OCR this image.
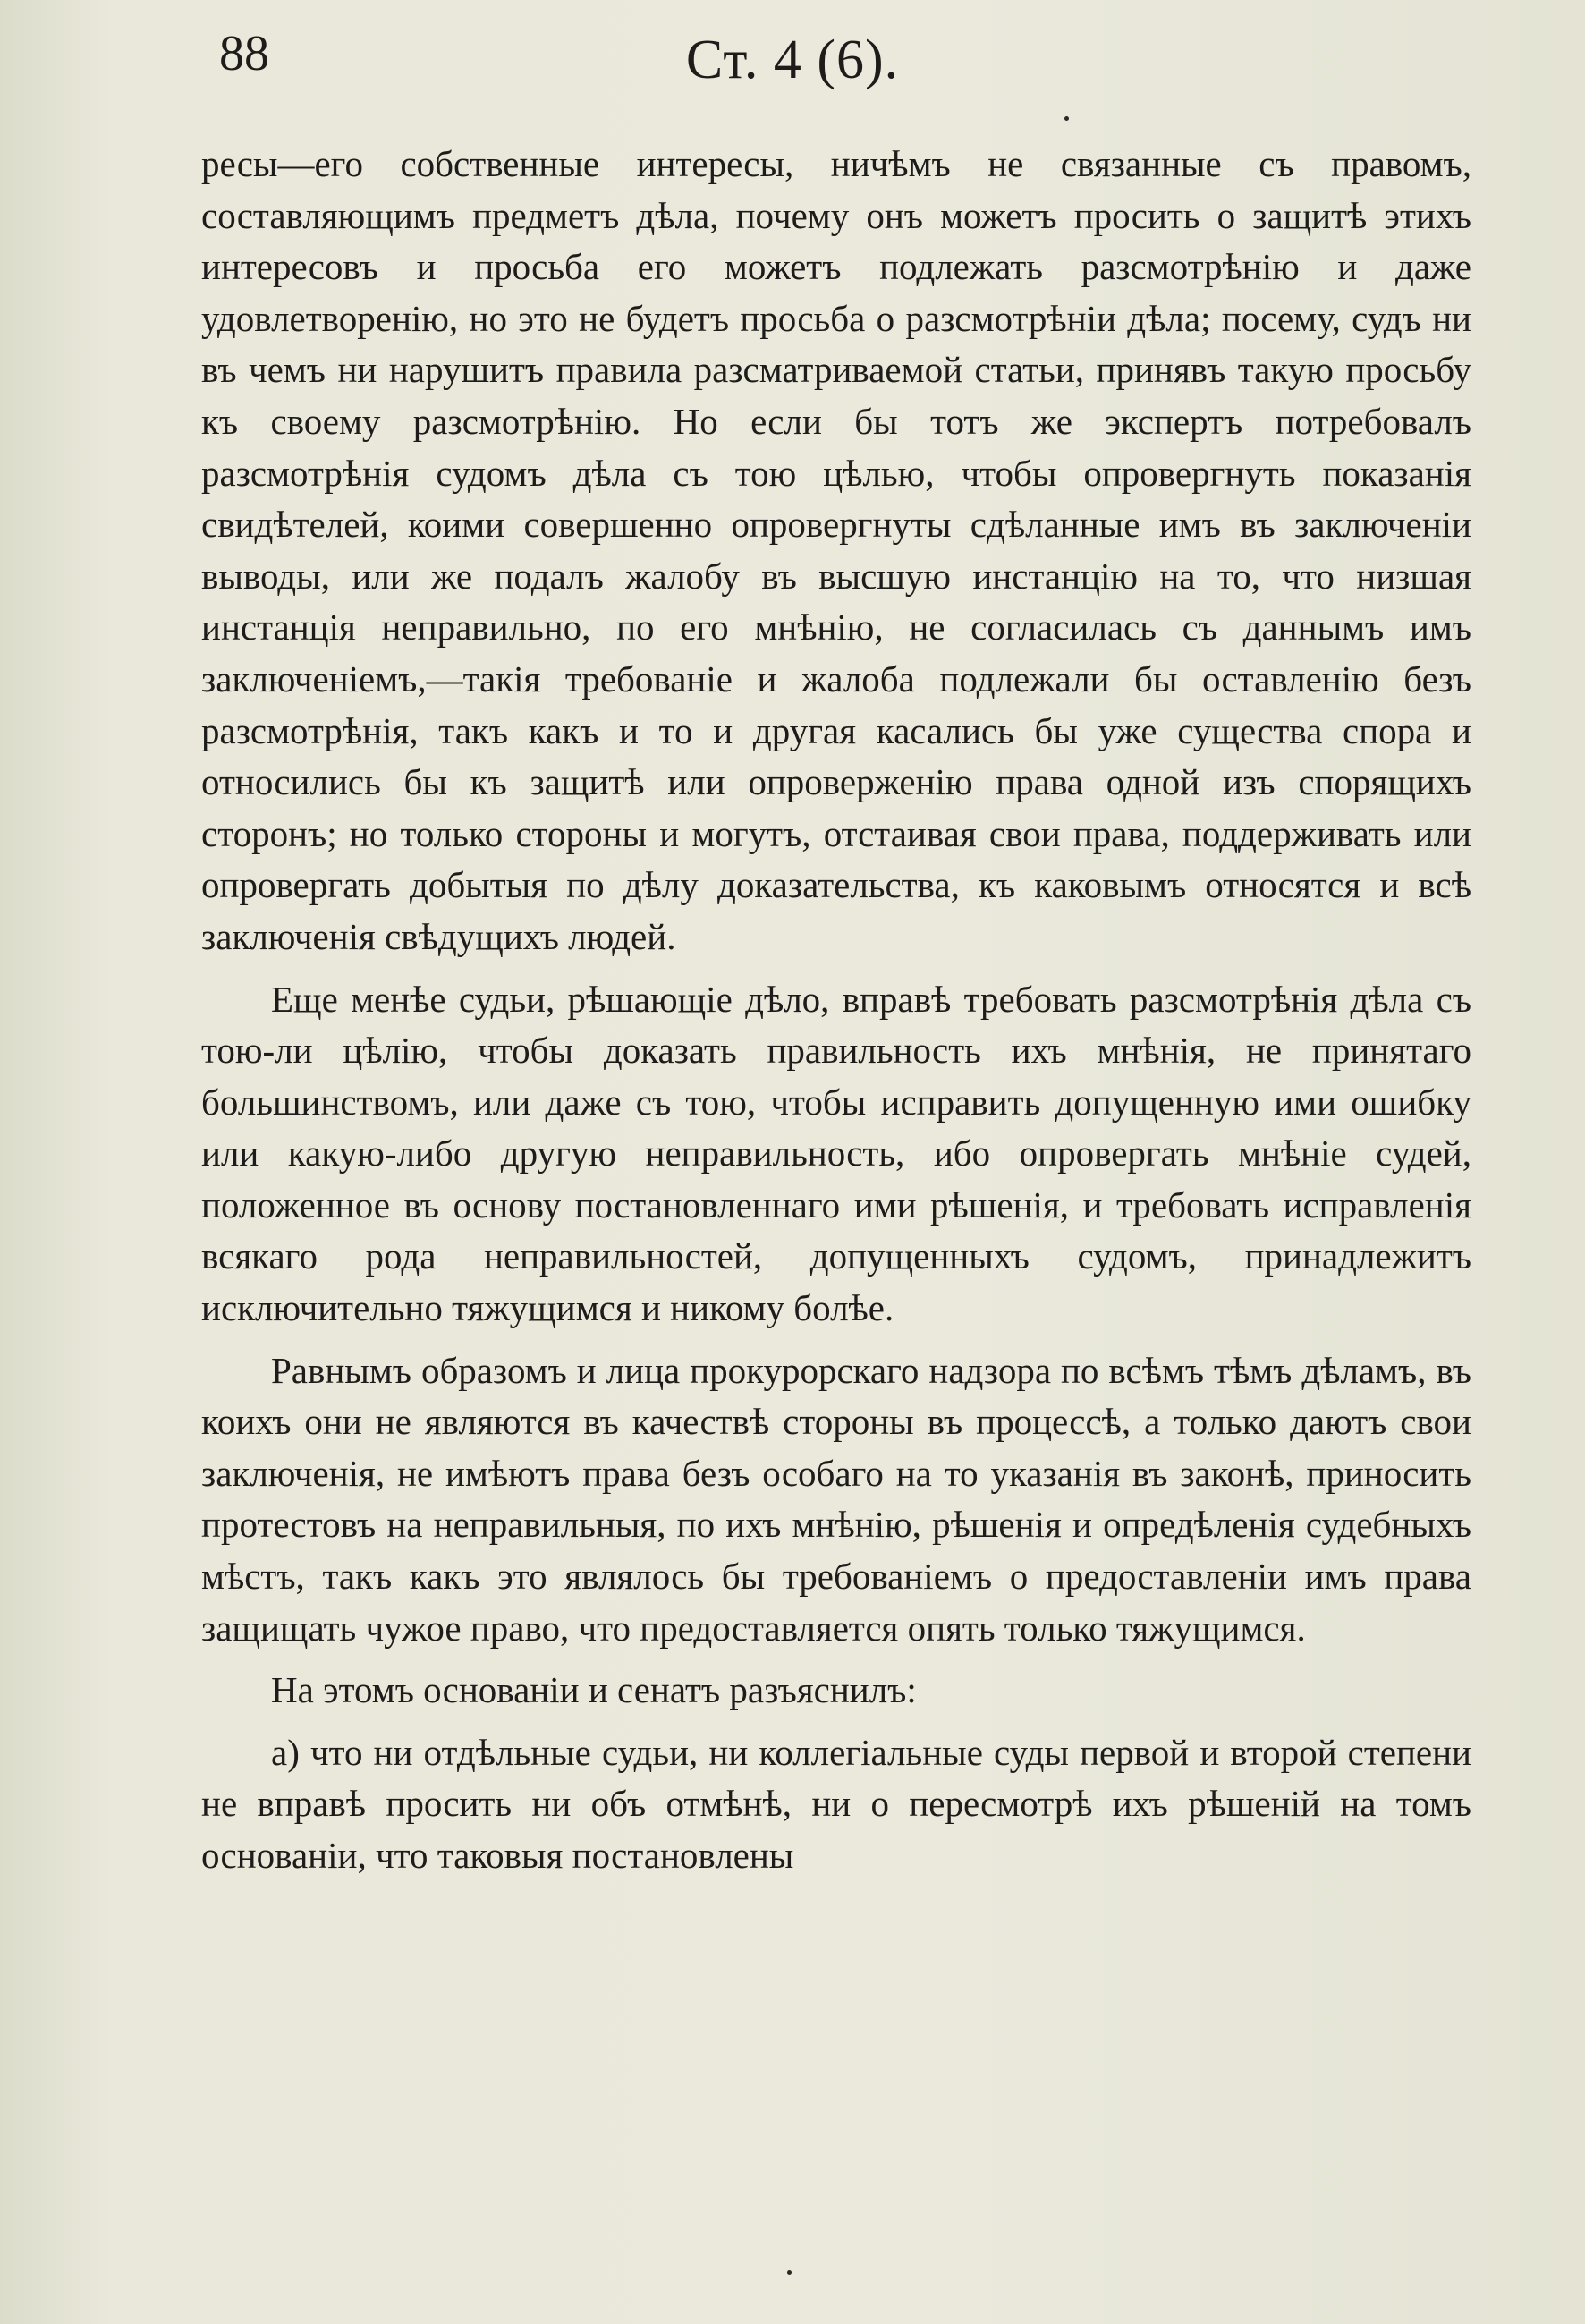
88	Ст. 4 (6).

ресы—его собственные интересы, ничѣмъ не связанные съ правомъ, составляющимъ предметъ дѣла, почему онъ можетъ просить о защитѣ этихъ интересовъ и просьба его можетъ подлежать разсмотрѣнію и даже удовлетворенію, но это не будетъ просьба о разсмотрѣніи дѣла; посему, судъ ни въ чемъ ни нарушитъ правила разсматриваемой статьи, принявъ такую просьбу къ своему разсмотрѣнію. Но если бы тотъ же экспертъ потребовалъ разсмотрѣнія судомъ дѣла съ тою цѣлью, чтобы опровергнуть показанія свидѣтелей, коими совершенно опровергнуты сдѣланные имъ въ заключеніи выводы, или же подалъ жалобу въ высшую инстанцію на то, что низшая инстанція неправильно, по его мнѣнію, не согласилась съ даннымъ имъ заключеніемъ,—такія требованіе и жалоба подлежали бы оставленію безъ разсмотрѣнія, такъ какъ и то и другая касались бы уже существа спора и относились бы къ защитѣ или опроверженію права одной изъ спорящихъ сторонъ; но только стороны и могутъ, отстаивая свои права, поддерживать или опровергать добытыя по дѣлу доказательства, къ каковымъ относятся и всѣ заключенія свѣдущихъ людей.

Еще менѣе судьи, рѣшающіе дѣло, вправѣ требовать разсмотрѣнія дѣла съ тою-ли цѣлію, чтобы доказать правильность ихъ мнѣнія, не принятаго большинствомъ, или даже съ тою, чтобы исправить допущенную ими ошибку или какую-либо другую неправильность, ибо опровергать мнѣніе судей, положенное въ основу постановленнаго ими рѣшенія, и требовать исправленія всякаго рода неправильностей, допущенныхъ судомъ, принадлежитъ исключительно тяжущимся и никому болѣе.

Равнымъ образомъ и лица прокурорскаго надзора по всѣмъ тѣмъ дѣламъ, въ коихъ они не являются въ качествѣ стороны въ процессѣ, а только даютъ свои заключенія, не имѣютъ права безъ особаго на то указанія въ законѣ, приносить протестовъ на неправильныя, по ихъ мнѣнію, рѣшенія и опредѣленія судебныхъ мѣстъ, такъ какъ это являлось бы требованіемъ о предоставленіи имъ права защищать чужое право, что предоставляется опять только тяжущимся.

На этомъ основаніи и сенатъ разъяснилъ:

а) что ни отдѣльные судьи, ни коллегіальные суды первой и второй степени не вправѣ просить ни объ отмѣнѣ, ни о пересмотрѣ ихъ рѣшеній на томъ основаніи, что таковыя постановлены
